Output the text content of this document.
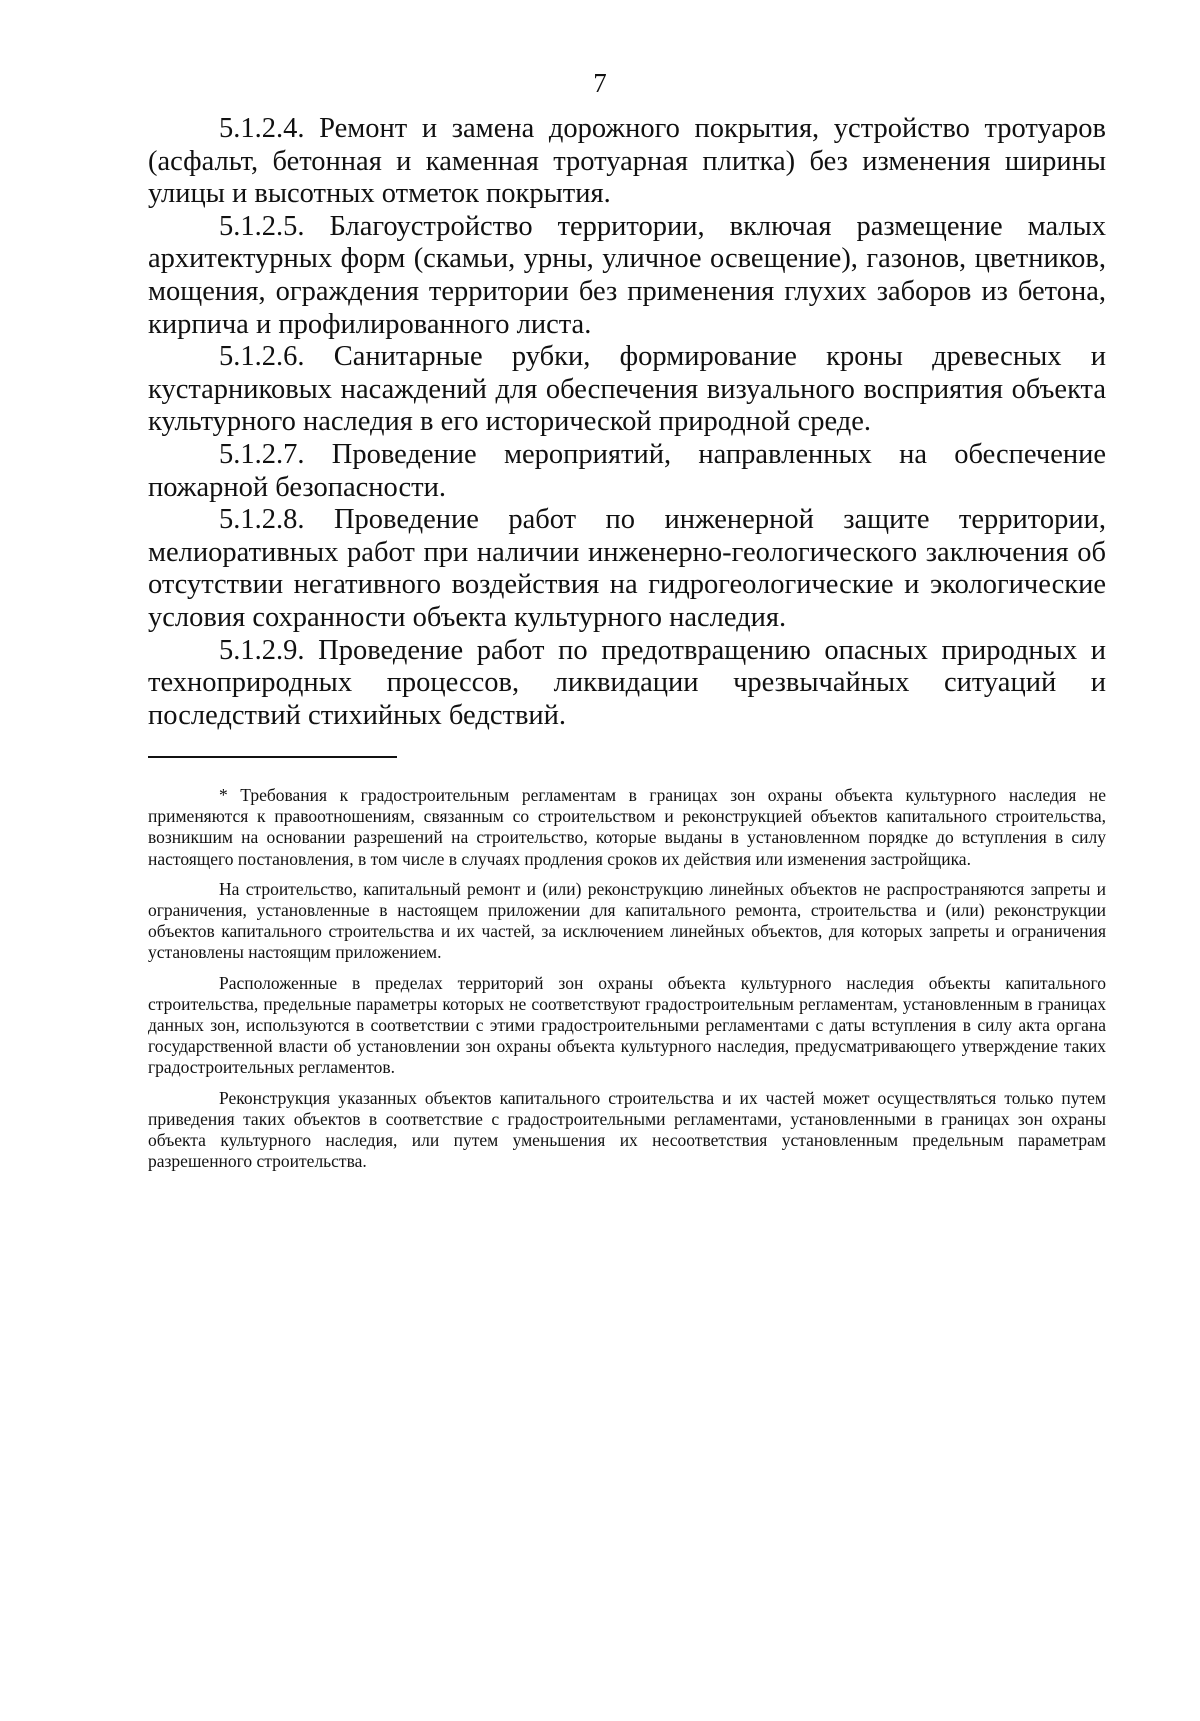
7

5.1.2.4. Ремонт и замена дорожного покрытия, устройство тротуаров (асфальт, бетонная и каменная тротуарная плитка) без изменения ширины улицы и высотных отметок покрытия.

5.1.2.5. Благоустройство территории, включая размещение малых архитектурных форм (скамьи, урны, уличное освещение), газонов, цветников, мощения, ограждения территории без применения глухих заборов из бетона, кирпича и профилированного листа.

5.1.2.6. Санитарные рубки, формирование кроны древесных и кустарниковых насаждений для обеспечения визуального восприятия объекта культурного наследия в его исторической природной среде.

5.1.2.7. Проведение мероприятий, направленных на обеспечение пожарной безопасности.

5.1.2.8. Проведение работ по инженерной защите территории, мелиоративных работ при наличии инженерно-геологического заключения об отсутствии негативного воздействия на гидрогеологические и экологические условия сохранности объекта культурного наследия.

5.1.2.9. Проведение работ по предотвращению опасных природных и технoприродных процессов, ликвидации чрезвычайных ситуаций и последствий стихийных бедствий.

* Требования к градостроительным регламентам в границах зон охраны объекта культурного наследия не применяются к правоотношениям, связанным со строительством и реконструкцией объектов капитального строительства, возникшим на основании разрешений на строительство, которые выданы в установленном порядке до вступления в силу настоящего постановления, в том числе в случаях продления сроков их действия или изменения застройщика.

На строительство, капитальный ремонт и (или) реконструкцию линейных объектов не распространяются запреты и ограничения, установленные в настоящем приложении для капитального ремонта, строительства и (или) реконструкции объектов капитального строительства и их частей, за исключением линейных объектов, для которых запреты и ограничения установлены настоящим приложением.

Расположенные в пределах территорий зон охраны объекта культурного наследия объекты капитального строительства, предельные параметры которых не соответствуют градостроительным регламентам, установленным в границах данных зон, используются в соответствии с этими градостроительными регламентами с даты вступления в силу акта органа государственной власти об установлении зон охраны объекта культурного наследия, предусматривающего утверждение таких градостроительных регламентов.

Реконструкция указанных объектов капитального строительства и их частей может осуществляться только путем приведения таких объектов в соответствие с градостроительными регламентами, установленными в границах зон охраны объекта культурного наследия, или путем уменьшения их несоответствия установленным предельным параметрам разрешенного строительства.
